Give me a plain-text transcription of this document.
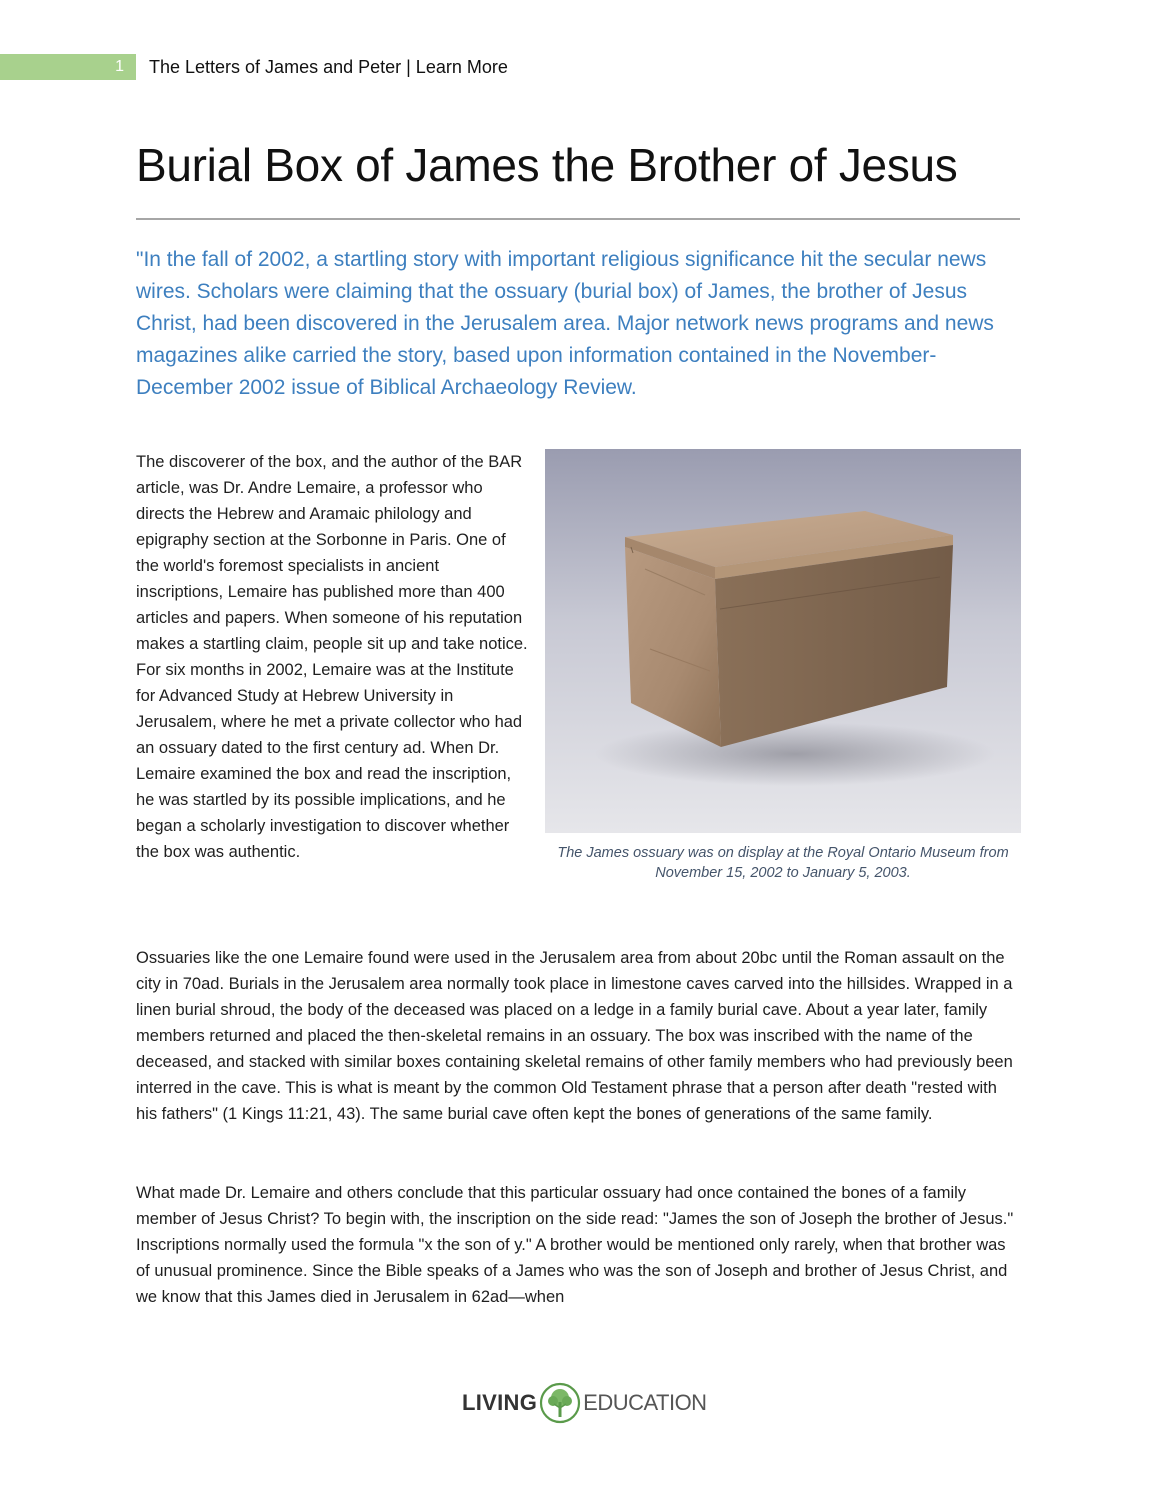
1 The Letters of James and Peter | Learn More
Burial Box of James the Brother of Jesus

"In the fall of 2002, a startling story with important religious significance hit the secular news wires. Scholars were claiming that the ossuary (burial box) of James, the brother of Jesus Christ, had been discovered in the Jerusalem area. Major network news programs and news magazines alike carried the story, based upon information contained in the November-December 2002 issue of Biblical Archaeology Review.

The discoverer of the box, and the author of the BAR article, was Dr. Andre Lemaire, a professor who directs the Hebrew and Aramaic philology and epigraphy section at the Sorbonne in Paris. One of the world's foremost specialists in ancient inscriptions, Lemaire has published more than 400 articles and papers. When someone of his reputation makes a startling claim, people sit up and take notice. For six months in 2002, Lemaire was at the Institute for Advanced Study at Hebrew University in Jerusalem, where he met a private collector who had an ossuary dated to the first century ad. When Dr. Lemaire examined the box and read the inscription, he was startled by its possible implications, and he began a scholarly investigation to discover whether the box was authentic.	The James ossuary was on display at the Royal Ontario Museum from November 15, 2002 to January 5, 2003.

Ossuaries like the one Lemaire found were used in the Jerusalem area from about 20bc until the Roman assault on the city in 70ad. Burials in the Jerusalem area normally took place in limestone caves carved into the hillsides. Wrapped in a linen burial shroud, the body of the deceased was placed on a ledge in a family burial cave. About a year later, family members returned and placed the then-skeletal remains in an ossuary. The box was inscribed with the name of the deceased, and stacked with similar boxes containing skeletal remains of other family members who had previously been interred in the cave. This is what is meant by the common Old Testament phrase that a person after death "rested with his fathers" (1 Kings 11:21, 43). The same burial cave often kept the bones of generations of the same family.

What made Dr. Lemaire and others conclude that this particular ossuary had once contained the bones of a family member of Jesus Christ? To begin with, the inscription on the side read: "James the son of Joseph the brother of Jesus." Inscriptions normally used the formula "x the son of y." A brother would be mentioned only rarely, when that brother was of unusual prominence. Since the Bible speaks of a James who was the son of Joseph and brother of Jesus Christ, and we know that this James died in Jerusalem in 62ad—when

LIVING EDUCATION
